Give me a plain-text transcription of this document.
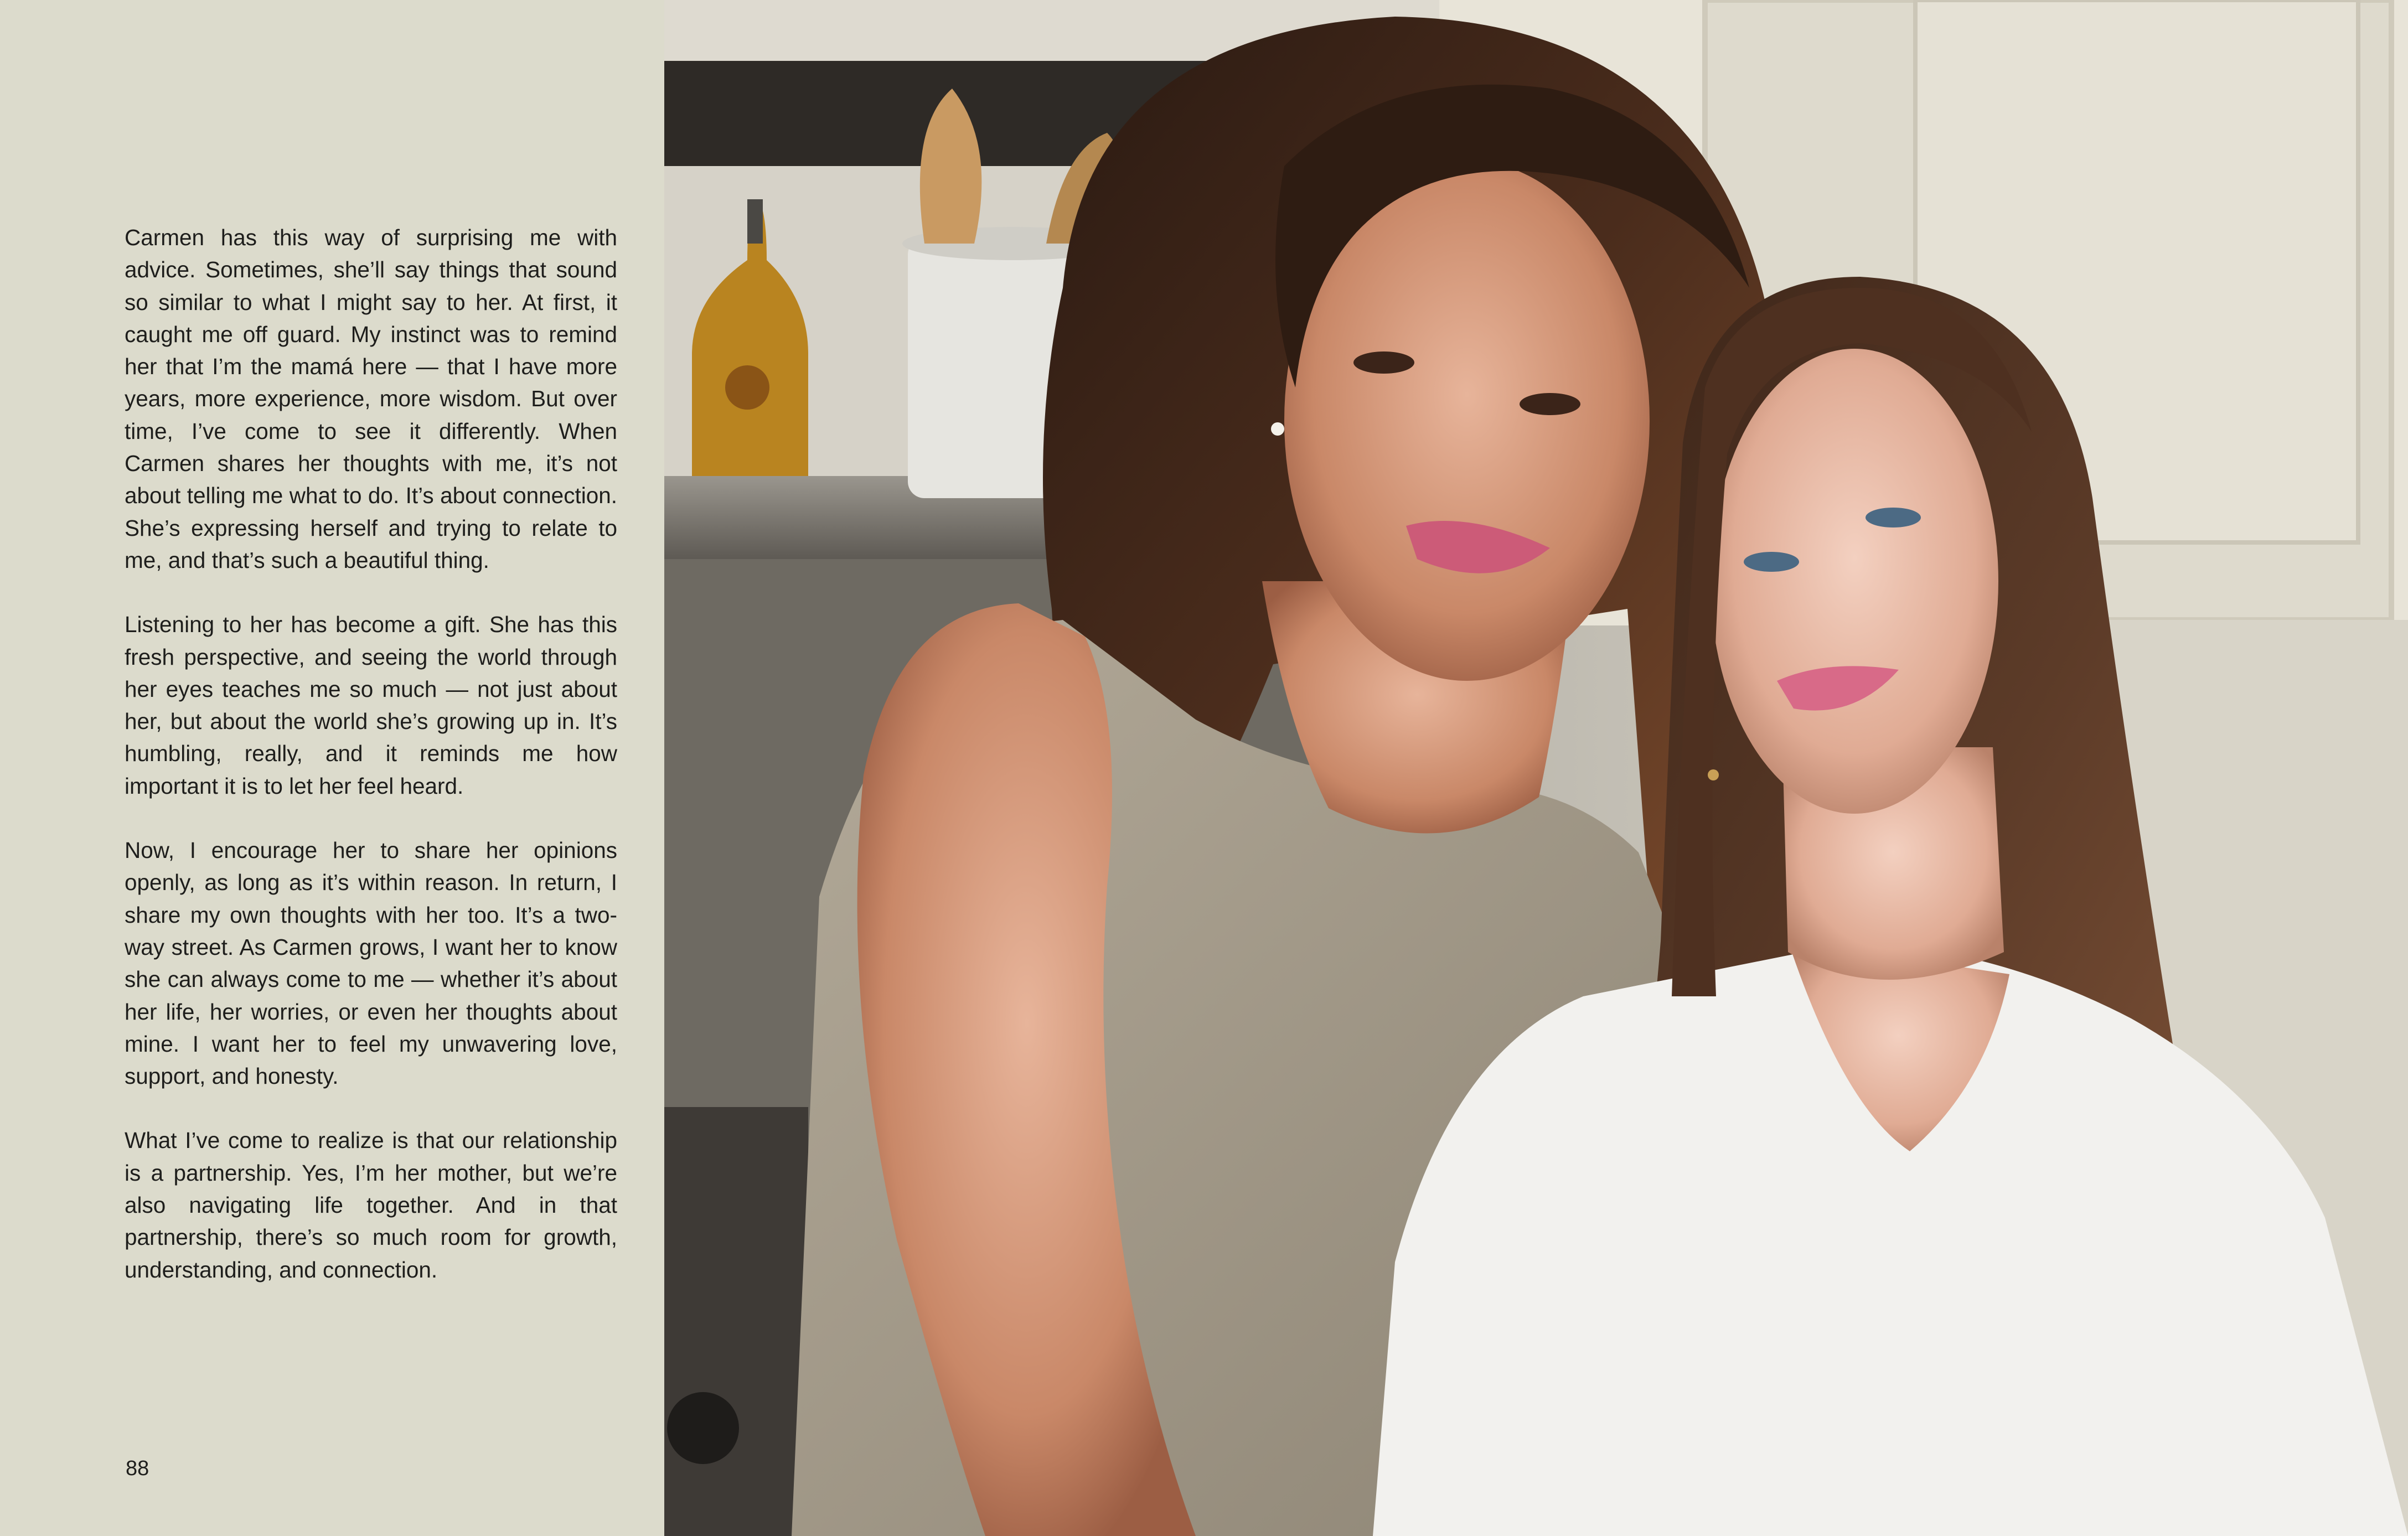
Carmen has this way of surprising me with advice. Sometimes, she’ll say things that sound so similar to what I might say to her. At first, it caught me off guard. My instinct was to remind her that I’m the mamá here — that I have more years, more experience, more wisdom. But over time, I’ve come to see it differently. When Carmen shares her thoughts with me, it’s not about telling me what to do. It’s about connection. She’s expressing herself and trying to relate to me, and that’s such a beautiful thing.

Listening to her has become a gift. She has this fresh perspective, and seeing the world through her eyes teaches me so much — not just about her, but about the world she’s growing up in. It’s humbling, really, and it reminds me how important it is to let her feel heard.

Now, I encourage her to share her opinions openly, as long as it’s within reason. In return, I share my own thoughts with her too. It’s a two-way street. As Carmen grows, I want her to know she can always come to me — whether it’s about her life, her worries, or even her thoughts about mine. I want her to feel my unwavering love, support, and honesty.

What I’ve come to realize is that our relationship is a partnership. Yes, I’m her mother, but we’re also navigating life together. And in that partnership, there’s so much room for growth, understanding, and connection.

88
